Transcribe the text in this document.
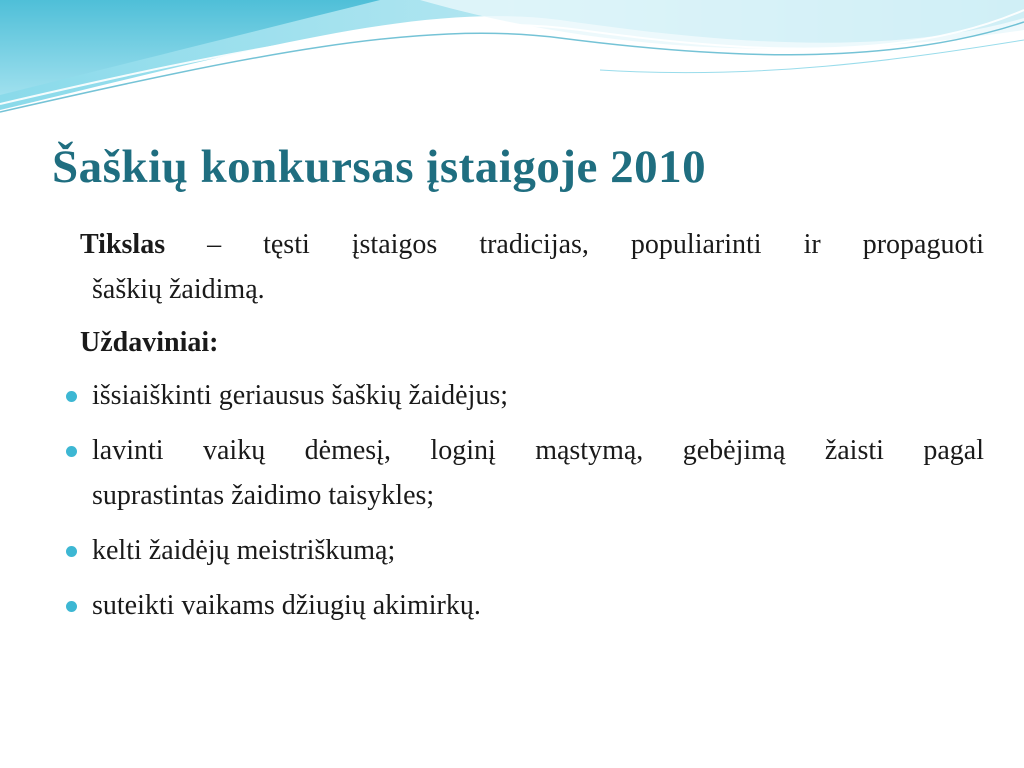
Šaškių konkursas įstaigoje 2010

Tikslas – tęsti įstaigos tradicijas, populiarinti ir propaguoti
šaškių žaidimą.

Uždaviniai:

išsiaiškinti geriausus šaškių žaidėjus;
lavinti vaikų dėmesį, loginį mąstymą, gebėjimą žaisti pagal
suprastintas žaidimo taisykles;
kelti žaidėjų meistriškumą;
suteikti vaikams džiugių akimirkų.
